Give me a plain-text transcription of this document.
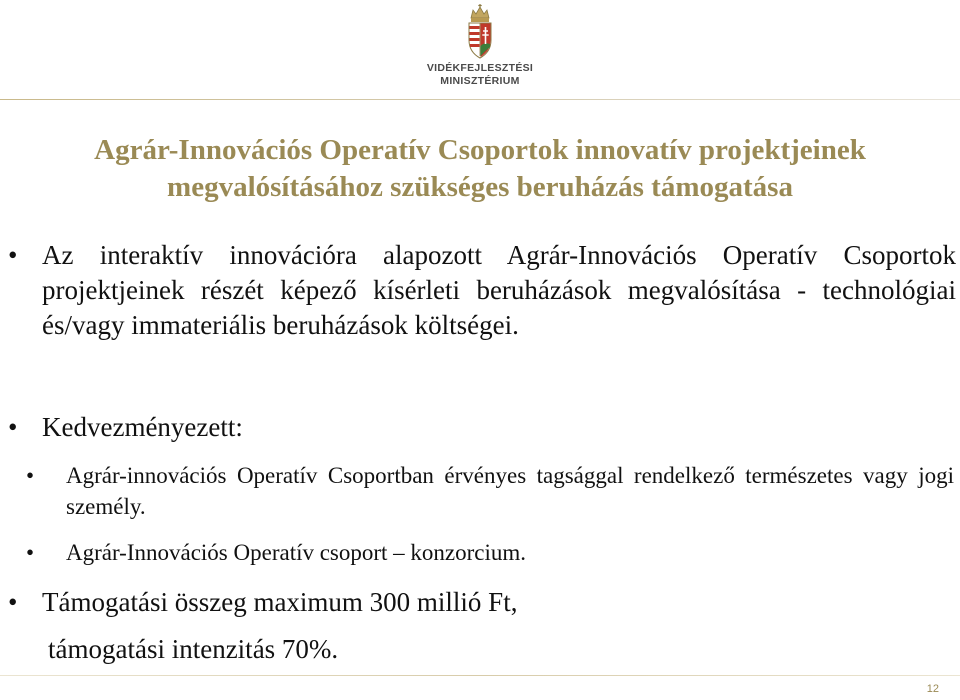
VIDÉKFEJLESZTÉSI
MINISZTÉRIUM
Agrár-Innovációs Operatív Csoportok innovatív projektjeinek megvalósításához szükséges beruházás támogatása
• Az interaktív innovációra alapozott Agrár-Innovációs Operatív Csoportok projektjeinek részét képező kísérleti beruházások megvalósítása - technológiai és/vagy immateriális beruházások költségei.
• Kedvezményezett:
• Agrár-innovációs Operatív Csoportban érvényes tagsággal rendelkező természetes vagy jogi személy.
• Agrár-Innovációs Operatív csoport – konzorcium.
• Támogatási összeg maximum 300 millió Ft,
támogatási intenzitás 70%.
12
